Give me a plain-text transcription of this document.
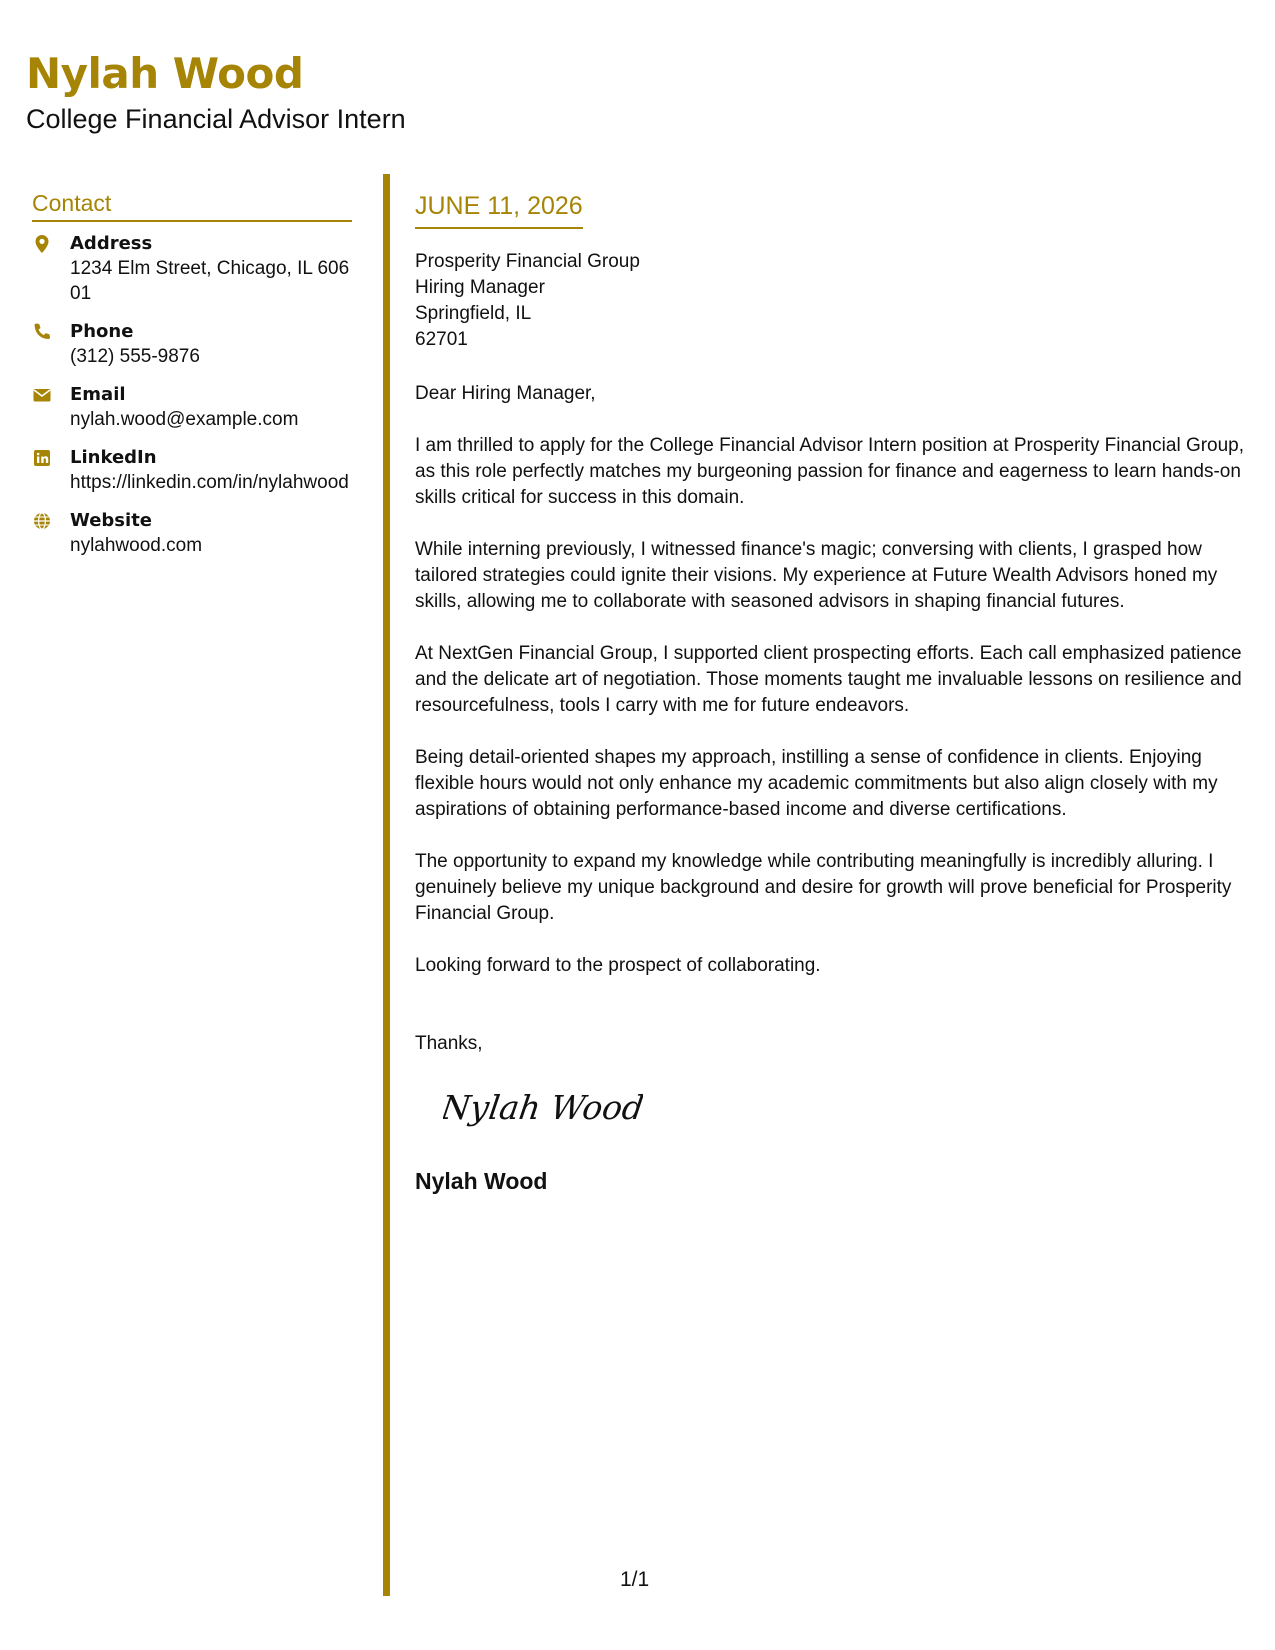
Nylah Wood
College Financial Advisor Intern
Contact
Address
1234 Elm Street, Chicago, IL 60601
Phone
(312) 555-9876
Email
nylah.wood@example.com
LinkedIn
https://linkedin.com/in/nylahwood
Website
nylahwood.com
JUNE 11, 2026
Prosperity Financial Group
Hiring Manager
Springfield, IL
62701
Dear Hiring Manager,
I am thrilled to apply for the College Financial Advisor Intern position at Prosperity Financial Group, as this role perfectly matches my burgeoning passion for finance and eagerness to learn hands-on skills critical for success in this domain.
While interning previously, I witnessed finance's magic; conversing with clients, I grasped how tailored strategies could ignite their visions. My experience at Future Wealth Advisors honed my skills, allowing me to collaborate with seasoned advisors in shaping financial futures.
At NextGen Financial Group, I supported client prospecting efforts. Each call emphasized patience and the delicate art of negotiation. Those moments taught me invaluable lessons on resilience and resourcefulness, tools I carry with me for future endeavors.
Being detail-oriented shapes my approach, instilling a sense of confidence in clients. Enjoying flexible hours would not only enhance my academic commitments but also align closely with my aspirations of obtaining performance-based income and diverse certifications.
The opportunity to expand my knowledge while contributing meaningfully is incredibly alluring. I genuinely believe my unique background and desire for growth will prove beneficial for Prosperity Financial Group.
Looking forward to the prospect of collaborating.
Thanks,
Nylah Wood
Nylah Wood
1/1
